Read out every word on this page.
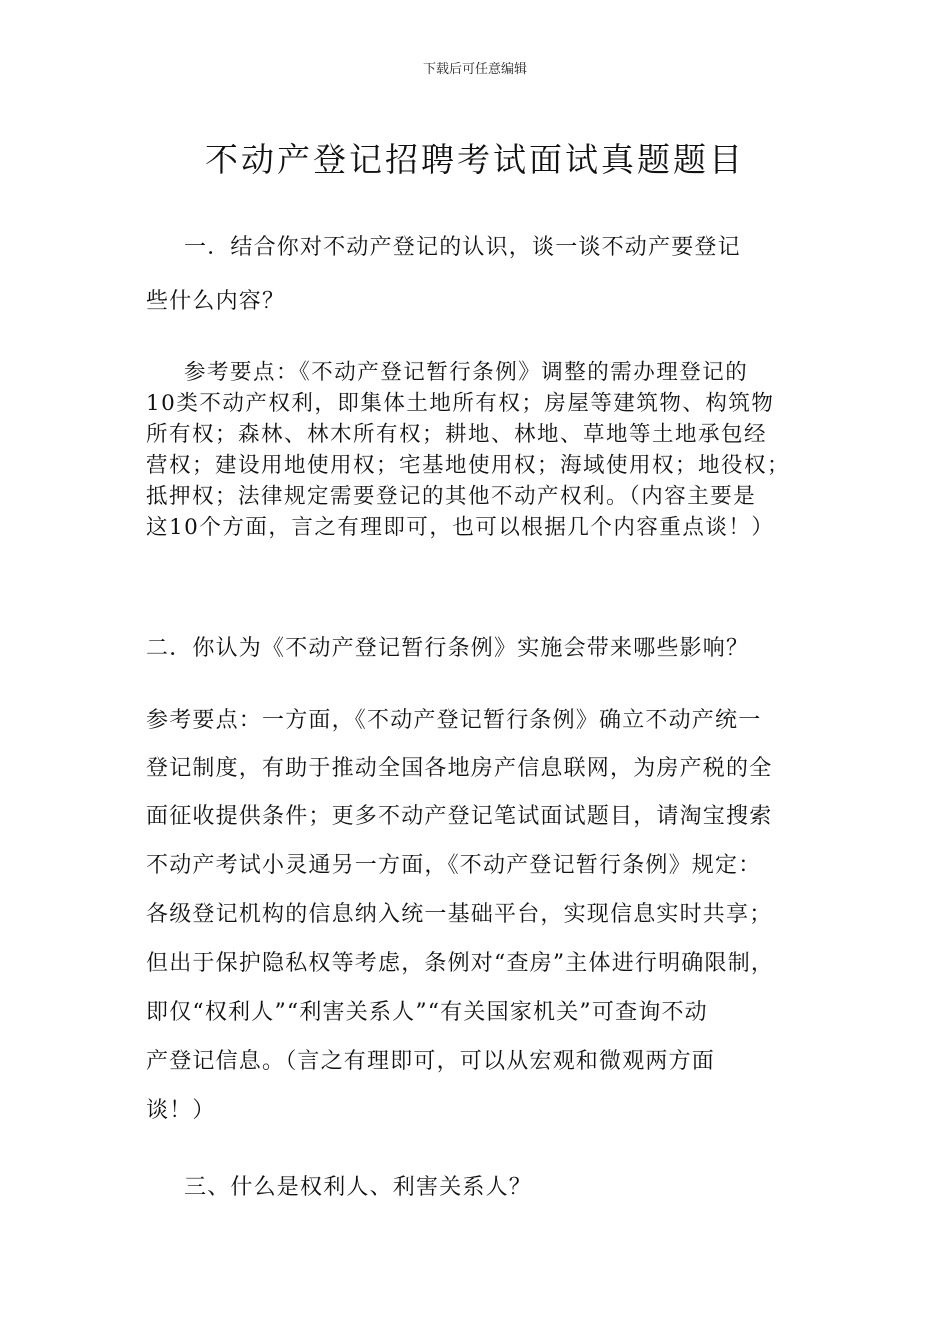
下载后可任意编辑
不动产登记招聘考试面试真题题目
一．结合你对不动产登记的认识，谈一谈不动产要登记
些什么内容？
参考要点：《不动产登记暂行条例》调整的需办理登记的
10类不动产权利，即集体土地所有权；房屋等建筑物、构筑物
所有权；森林、林木所有权；耕地、林地、草地等土地承包经
营权；建设用地使用权；宅基地使用权；海域使用权；地役权；
抵押权；法律规定需要登记的其他不动产权利。（内容主要是
这10个方面，言之有理即可，也可以根据几个内容重点谈！）
二．你认为《不动产登记暂行条例》实施会带来哪些影响？
参考要点：一方面，《不动产登记暂行条例》确立不动产统一
登记制度，有助于推动全国各地房产信息联网，为房产税的全
面征收提供条件；更多不动产登记笔试面试题目，请淘宝搜索
不动产考试小灵通另一方面，《不动产登记暂行条例》规定：
各级登记机构的信息纳入统一基础平台，实现信息实时共享；
但出于保护隐私权等考虑，条例对“查房”主体进行明确限制，
即仅“权利人”“利害关系人”“有关国家机关”可查询不动
产登记信息。（言之有理即可，可以从宏观和微观两方面
谈！）
三、什么是权利人、利害关系人？
